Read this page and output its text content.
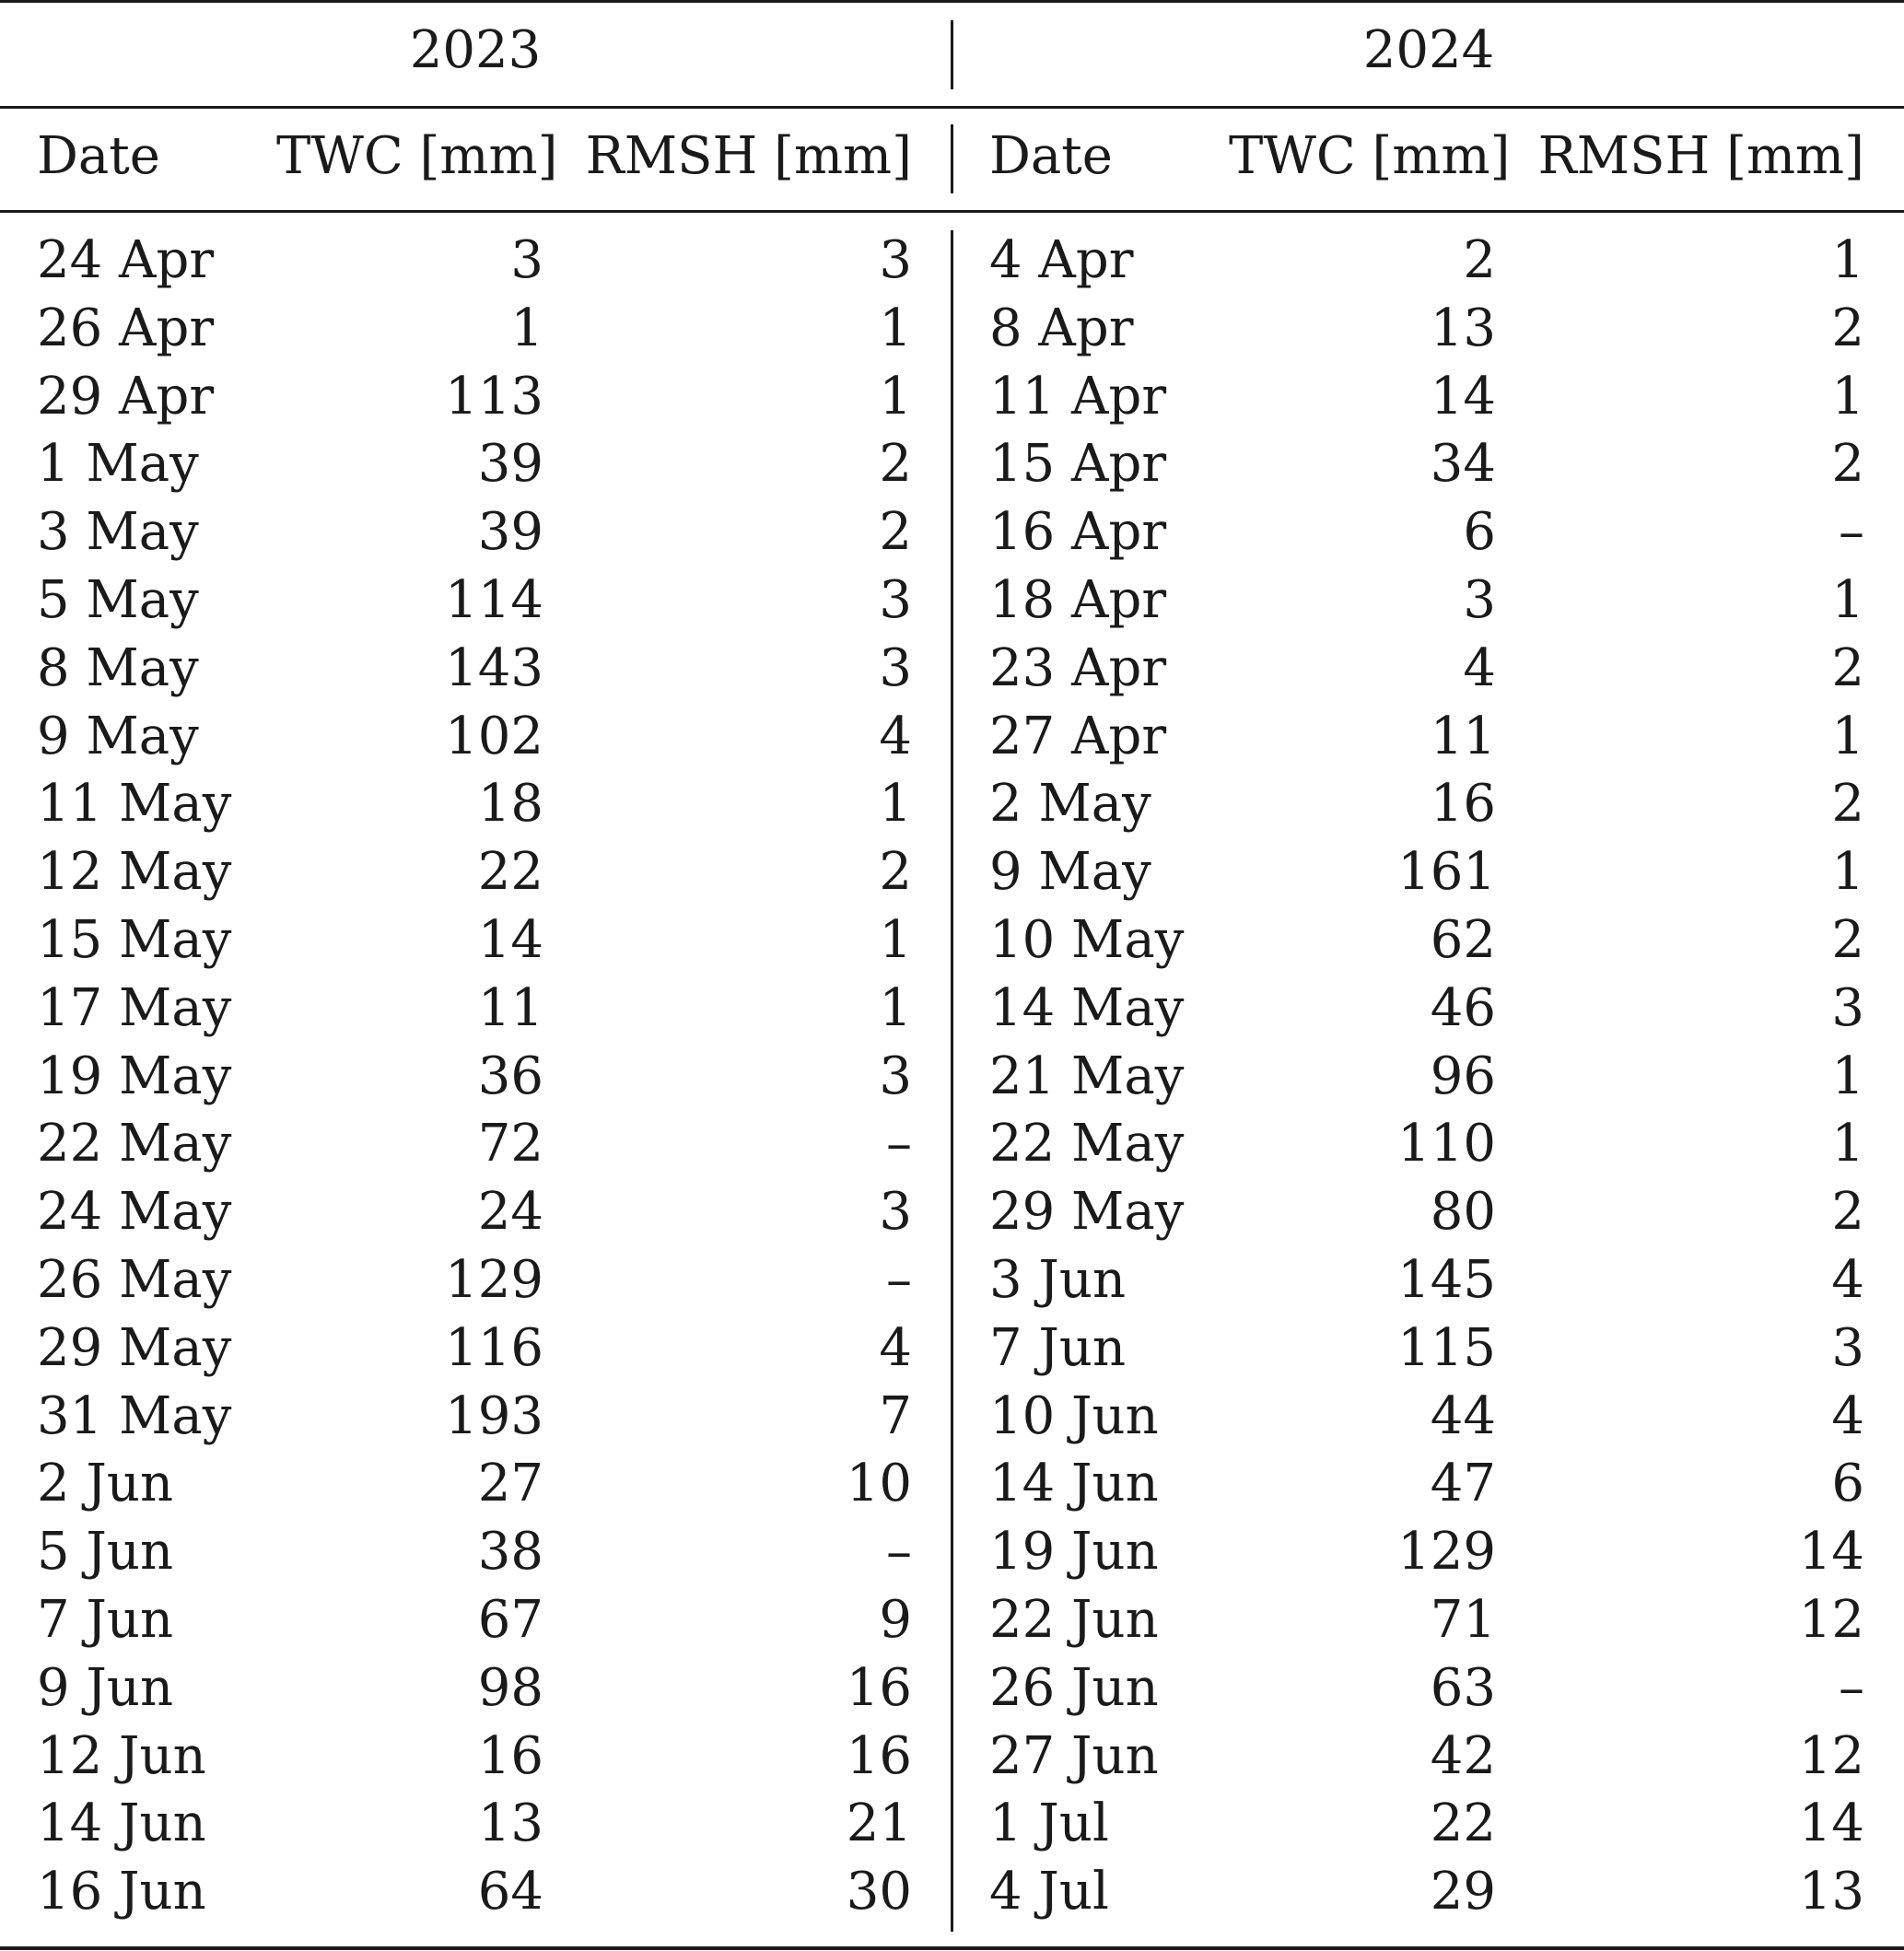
2023	2024
Date	TWC [mm] RMSH [mm] Date	TWC [mm] RMSH [mm]
24 Apr	3	3 4 Apr	2	1
26 Apr	1	1 8 Apr	13	2
29 Apr	113	1 11 Apr	14	1
1 May	39	2 15 Apr	34	2
3 May	39	2 16 Apr	6	–
5 May	114	3 18 Apr	3	1
8 May	143	3 23 Apr	4	2
9 May	102	4 27 Apr	11	1
11 May	18	1 2 May	16	2
12 May	22	2 9 May	161	1
15 May	14	1 10 May	62	2
17 May	11	1 14 May	46	3
19 May	36	3 21 May	96	1
22 May	72	– 22 May	110	1
24 May	24	3 29 May	80	2
26 May	129	– 3 Jun	145	4
29 May	116	4 7 Jun	115	3
31 May	193	7 10 Jun	44	4
2 Jun	27	10 14 Jun	47	6
5 Jun	38	– 19 Jun	129	14
7 Jun	67	9 22 Jun	71	12
9 Jun	98	16 26 Jun	63	–
12 Jun	16	16 27 Jun	42	12
14 Jun	13	21 1 Jul	22	14
16 Jun	64	30 4 Jul	29	13
